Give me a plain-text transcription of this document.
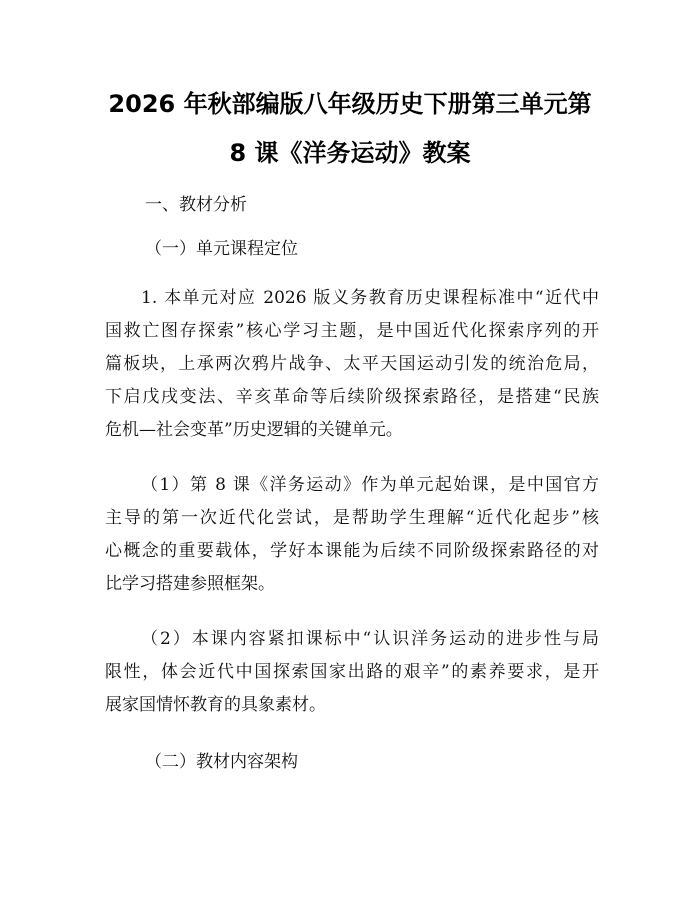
2026 年秋部编版八年级历史下册第三单元第
8 课《洋务运动》教案
一、教材分析
（一）单元课程定位
1. 本单元对应 2026 版义务教育历史课程标准中“近代中
国救亡图存探索”核心学习主题，是中国近代化探索序列的开
篇板块，上承两次鸦片战争、太平天国运动引发的统治危局，
下启戊戌变法、辛亥革命等后续阶级探索路径，是搭建“民族
危机—社会变革”历史逻辑的关键单元。
（1）第 8 课《洋务运动》作为单元起始课，是中国官方
主导的第一次近代化尝试，是帮助学生理解“近代化起步”核
心概念的重要载体，学好本课能为后续不同阶级探索路径的对
比学习搭建参照框架。
（2）本课内容紧扣课标中“认识洋务运动的进步性与局
限性，体会近代中国探索国家出路的艰辛”的素养要求，是开
展家国情怀教育的具象素材。
（二）教材内容架构
